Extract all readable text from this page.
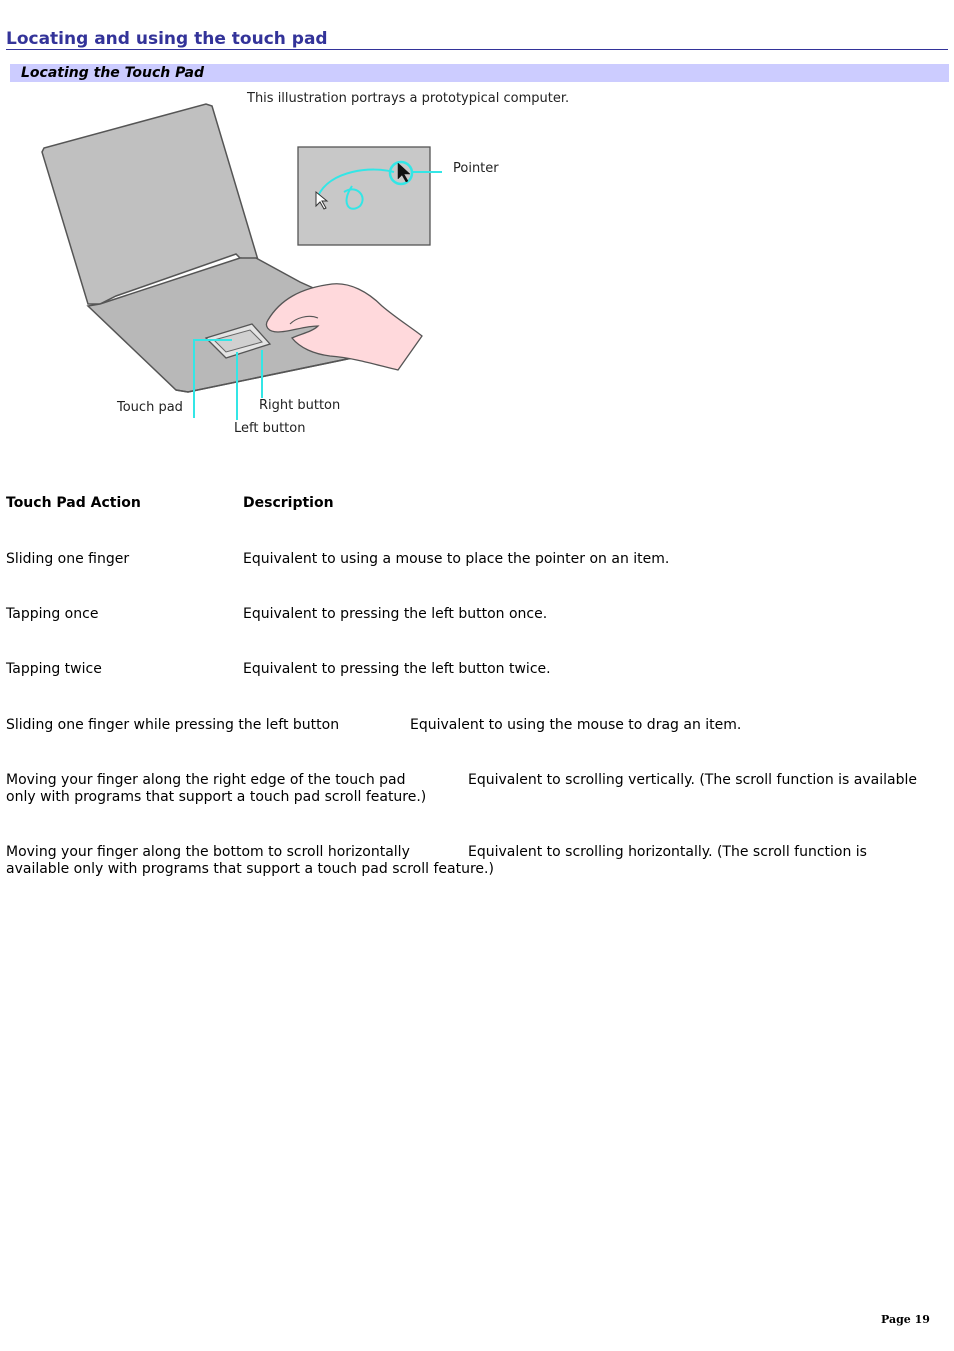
Locating and using the touch pad
Locating the Touch Pad
This illustration portrays a prototypical computer.
Pointer
Touch pad	Right button
Left button
Touch Pad Action	Description
Sliding one finger	Equivalent to using a mouse to place the pointer on an item.
Tapping once	Equivalent to pressing the left button once.
Tapping twice	Equivalent to pressing the left button twice.
Sliding one finger while pressing the left button	Equivalent to using the mouse to drag an item.
Moving your finger along the right edge of the touch pad	Equivalent to scrolling vertically. (The scroll function is available
only with programs that support a touch pad scroll feature.)
Moving your finger along the bottom to scroll horizontally	Equivalent to scrolling horizontally. (The scroll function is
available only with programs that support a touch pad scroll feature.)
Page 19
